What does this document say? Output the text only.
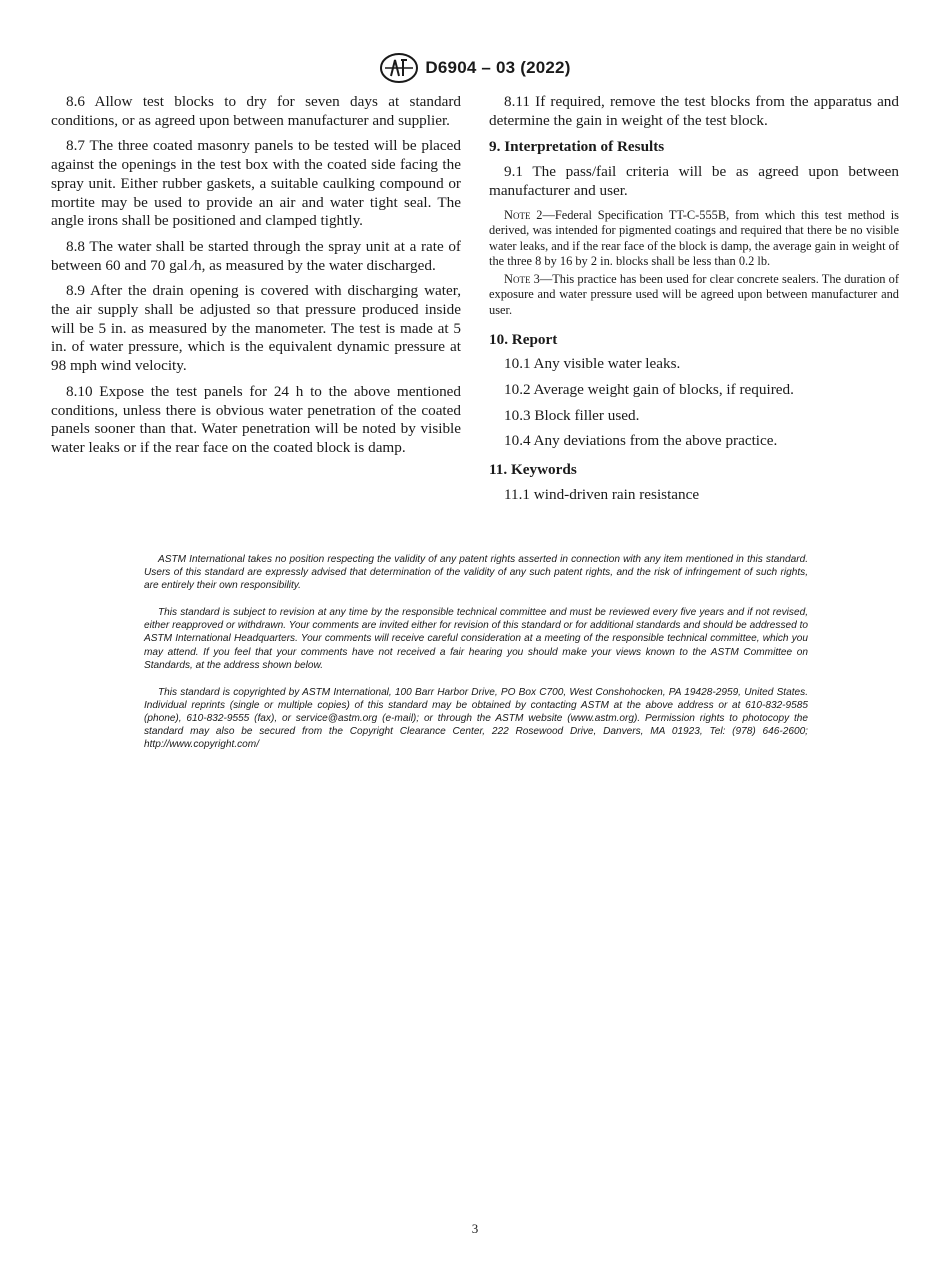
D6904 – 03 (2022)

8.6 Allow test blocks to dry for seven days at standard conditions, or as agreed upon between manufacturer and supplier.

8.7 The three coated masonry panels to be tested will be placed against the openings in the test box with the coated side facing the spray unit. Either rubber gaskets, a suitable caulking compound or mortite may be used to provide an air and water tight seal. The angle irons shall be positioned and clamped tightly.

8.8 The water shall be started through the spray unit at a rate of between 60 and 70 gal ⁄h, as measured by the water discharged.

8.9 After the drain opening is covered with discharging water, the air supply shall be adjusted so that pressure produced inside will be 5 in. as measured by the manometer. The test is made at 5 in. of water pressure, which is the equivalent dynamic pressure at 98 mph wind velocity.

8.10 Expose the test panels for 24 h to the above mentioned conditions, unless there is obvious water penetration of the coated panels sooner than that. Water penetration will be noted by visible water leaks or if the rear face on the coated block is damp.

8.11 If required, remove the test blocks from the apparatus and determine the gain in weight of the test block.

9. Interpretation of Results

9.1 The pass/fail criteria will be as agreed upon between manufacturer and user.

Note 2—Federal Specification TT-C-555B, from which this test method is derived, was intended for pigmented coatings and required that there be no visible water leaks, and if the rear face of the block is damp, the average gain in weight of the three 8 by 16 by 2 in. blocks shall be less than 0.2 lb.

Note 3—This practice has been used for clear concrete sealers. The duration of exposure and water pressure used will be agreed upon between manufacturer and user.

10. Report

10.1 Any visible water leaks.

10.2 Average weight gain of blocks, if required.

10.3 Block filler used.

10.4 Any deviations from the above practice.

11. Keywords

11.1 wind-driven rain resistance

ASTM International takes no position respecting the validity of any patent rights asserted in connection with any item mentioned in this standard. Users of this standard are expressly advised that determination of the validity of any such patent rights, and the risk of infringement of such rights, are entirely their own responsibility.

This standard is subject to revision at any time by the responsible technical committee and must be reviewed every five years and if not revised, either reapproved or withdrawn. Your comments are invited either for revision of this standard or for additional standards and should be addressed to ASTM International Headquarters. Your comments will receive careful consideration at a meeting of the responsible technical committee, which you may attend. If you feel that your comments have not received a fair hearing you should make your views known to the ASTM Committee on Standards, at the address shown below.

This standard is copyrighted by ASTM International, 100 Barr Harbor Drive, PO Box C700, West Conshohocken, PA 19428-2959, United States. Individual reprints (single or multiple copies) of this standard may be obtained by contacting ASTM at the above address or at 610-832-9585 (phone), 610-832-9555 (fax), or service@astm.org (e-mail); or through the ASTM website (www.astm.org). Permission rights to photocopy the standard may also be secured from the Copyright Clearance Center, 222 Rosewood Drive, Danvers, MA 01923, Tel: (978) 646-2600; http://www.copyright.com/

3
